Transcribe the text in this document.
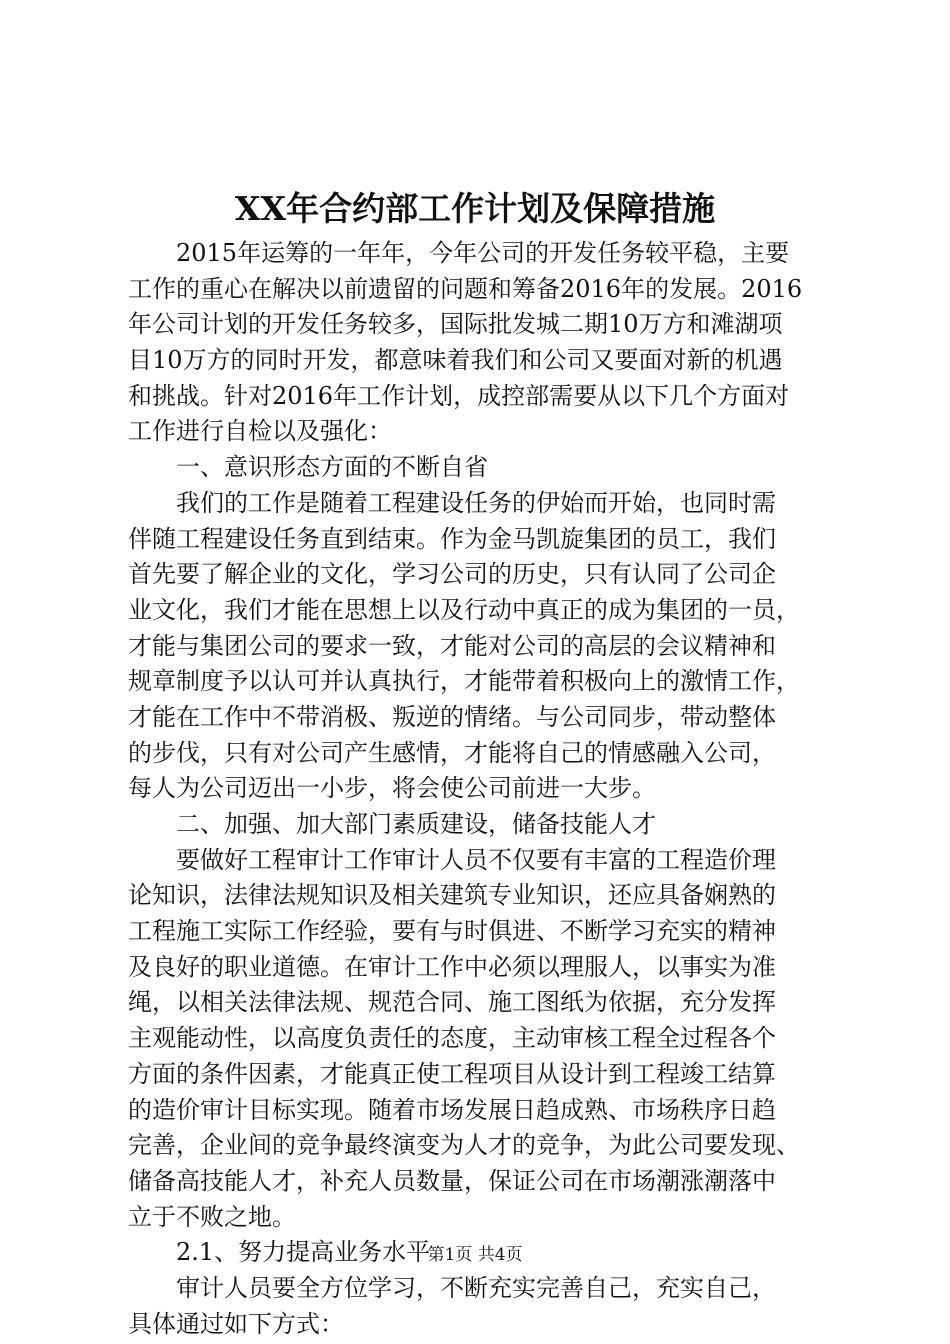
XX年合约部工作计划及保障措施
　　2015年运筹的一年年，今年公司的开发任务较平稳，主要
工作的重心在解决以前遗留的问题和筹备2016年的发展。2016
年公司计划的开发任务较多，国际批发城二期10万方和滩湖项
目10万方的同时开发，都意味着我们和公司又要面对新的机遇
和挑战。针对2016年工作计划，成控部需要从以下几个方面对
工作进行自检以及强化：
　　一、意识形态方面的不断自省
　　我们的工作是随着工程建设任务的伊始而开始，也同时需
伴随工程建设任务直到结束。作为金马凯旋集团的员工，我们
首先要了解企业的文化，学习公司的历史，只有认同了公司企
业文化，我们才能在思想上以及行动中真正的成为集团的一员，
才能与集团公司的要求一致，才能对公司的高层的会议精神和
规章制度予以认可并认真执行，才能带着积极向上的激情工作，
才能在工作中不带消极、叛逆的情绪。与公司同步，带动整体
的步伐，只有对公司产生感情，才能将自己的情感融入公司，
每人为公司迈出一小步，将会使公司前进一大步。
　　二、加强、加大部门素质建设，储备技能人才
　　要做好工程审计工作审计人员不仅要有丰富的工程造价理
论知识，法律法规知识及相关建筑专业知识，还应具备娴熟的
工程施工实际工作经验，要有与时俱进、不断学习充实的精神
及良好的职业道德。在审计工作中必须以理服人，以事实为准
绳，以相关法律法规、规范合同、施工图纸为依据，充分发挥
主观能动性，以高度负责任的态度，主动审核工程全过程各个
方面的条件因素，才能真正使工程项目从设计到工程竣工结算
的造价审计目标实现。随着市场发展日趋成熟、市场秩序日趋
完善，企业间的竞争最终演变为人才的竞争，为此公司要发现、
储备高技能人才，补充人员数量，保证公司在市场潮涨潮落中
立于不败之地。
　　2.1、努力提高业务水平
　　审计人员要全方位学习，不断充实完善自己，充实自己，
具体通过如下方式：
第1页 共4页
